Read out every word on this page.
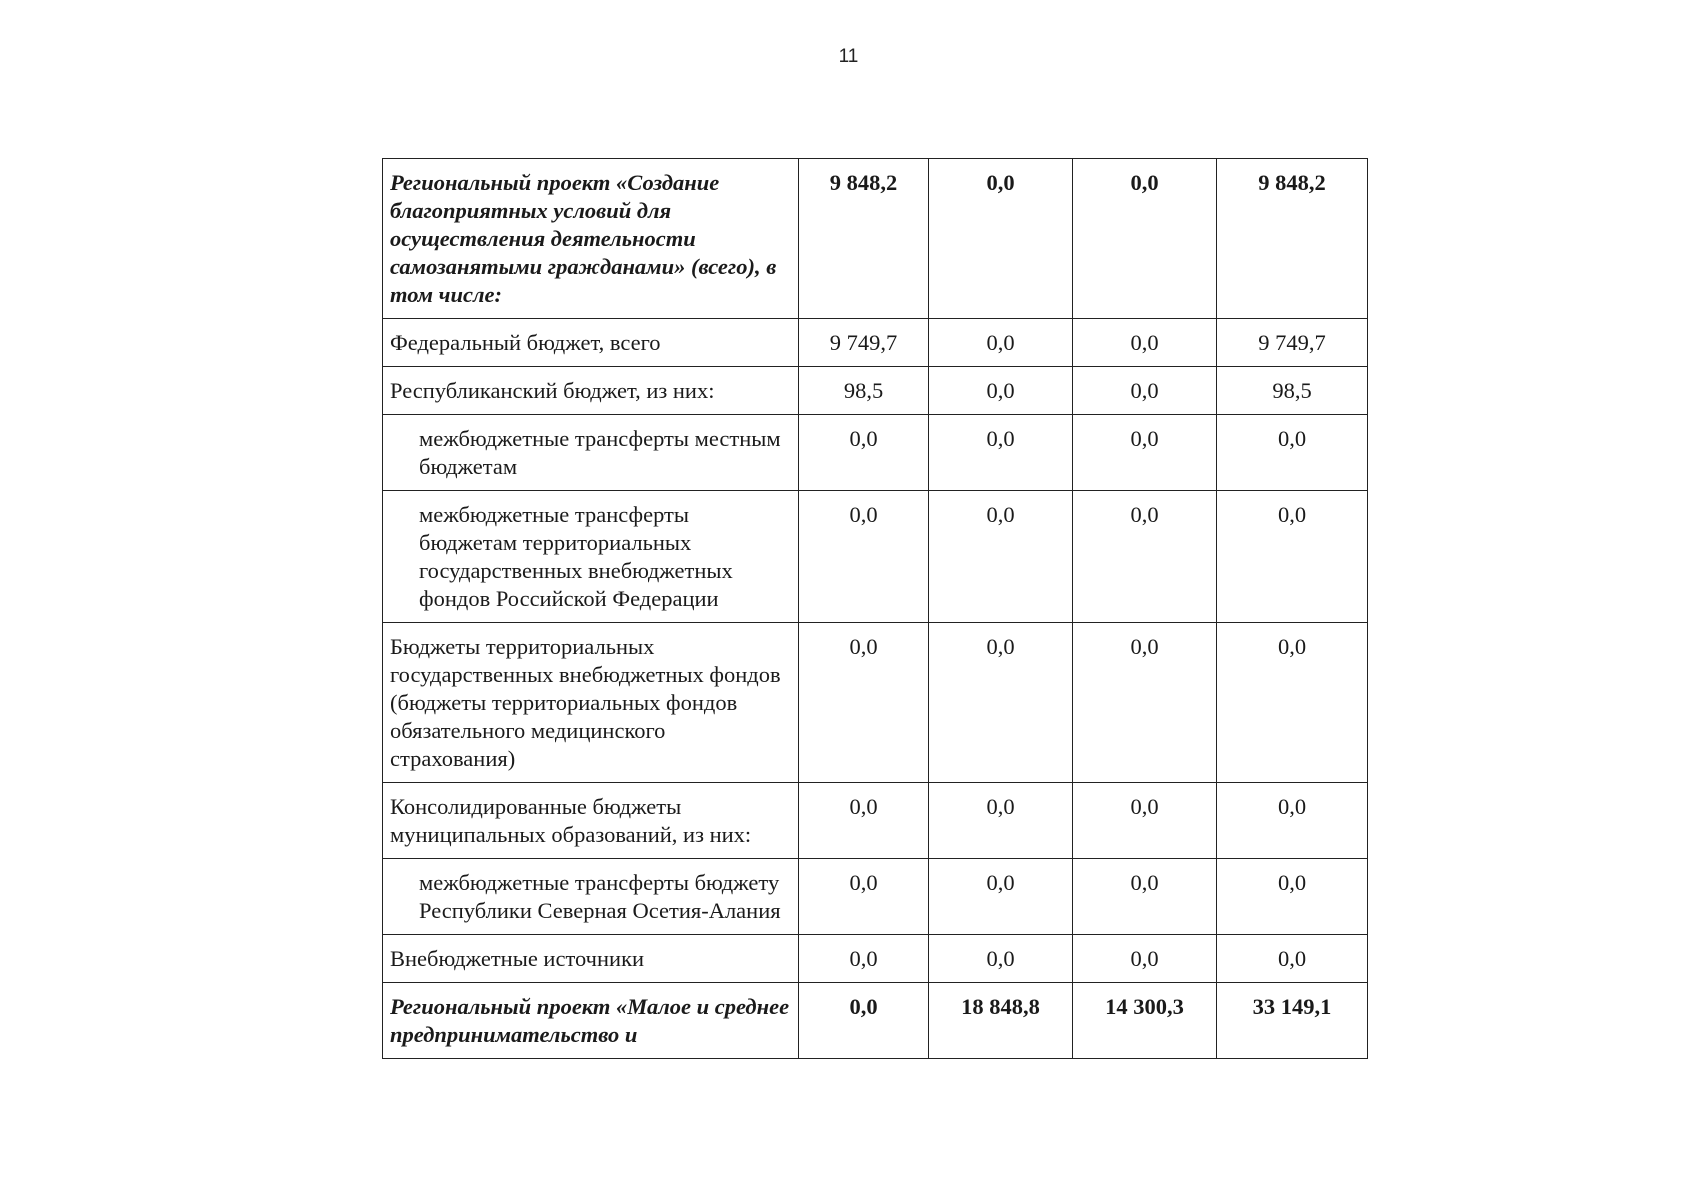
11
Региональный проект «Создание благоприятных условий для осуществления деятельности самозанятыми гражданами» (всего), в том числе:	9 848,2	0,0	0,0	9 848,2
Федеральный бюджет, всего	9 749,7	0,0	0,0	9 749,7
Республиканский бюджет, из них:	98,5	0,0	0,0	98,5
межбюджетные трансферты местным бюджетам	0,0	0,0	0,0	0,0
межбюджетные трансферты бюджетам территориальных государственных внебюджетных фондов Российской Федерации	0,0	0,0	0,0	0,0
Бюджеты территориальных государственных внебюджетных фондов (бюджеты территориальных фондов обязательного медицинского страхования)	0,0	0,0	0,0	0,0
Консолидированные бюджеты муниципальных образований, из них:	0,0	0,0	0,0	0,0
межбюджетные трансферты бюджету Республики Северная Осетия-Алания	0,0	0,0	0,0	0,0
Внебюджетные источники	0,0	0,0	0,0	0,0
Региональный проект «Малое и среднее предпринимательство и	0,0	18 848,8	14 300,3	33 149,1
